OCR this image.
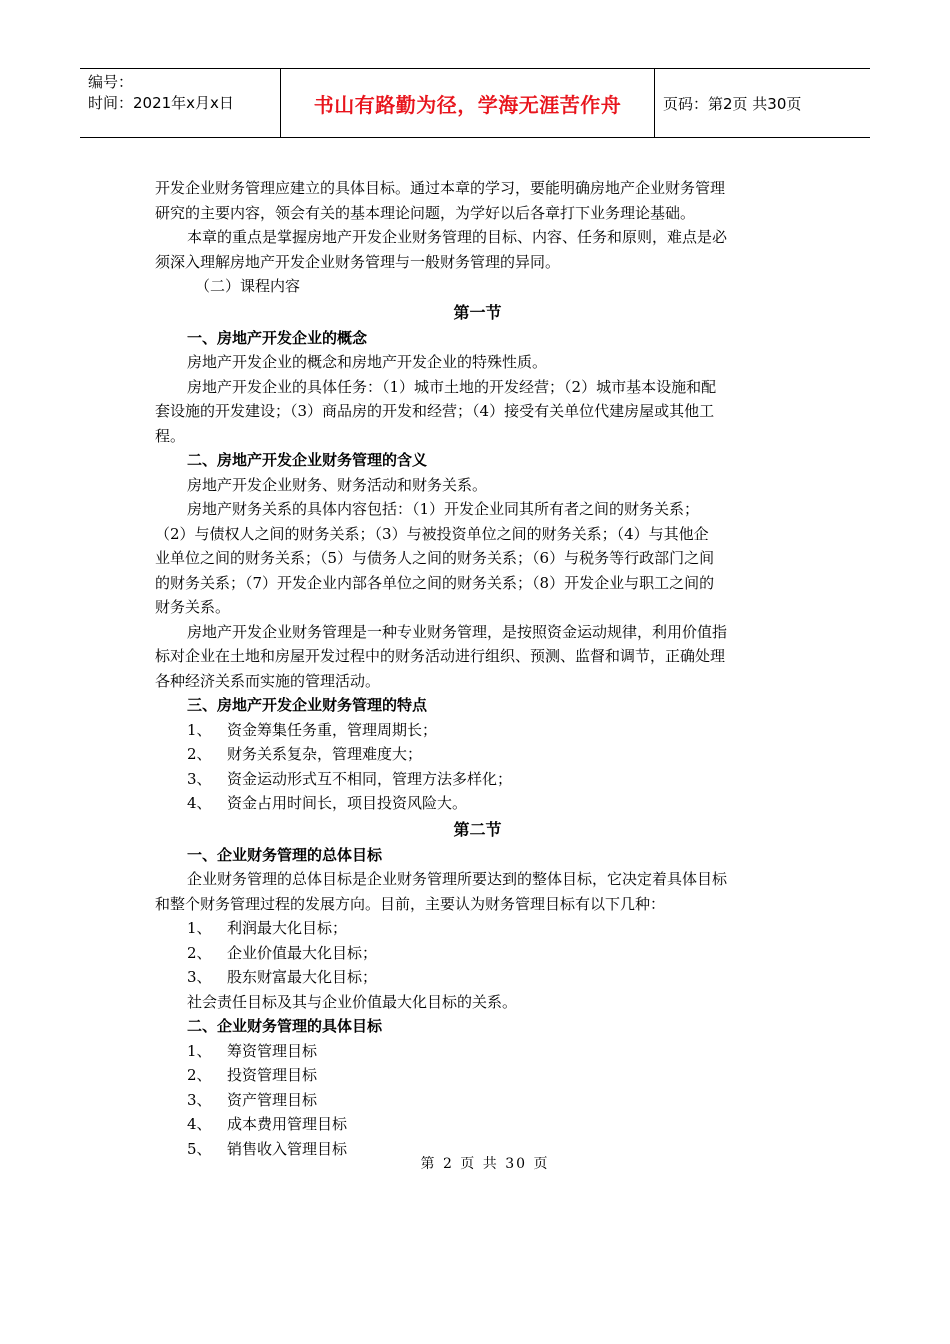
编号：
时间：2021年x月x日	书山有路勤为径，学海无涯苦作舟	页码：第2页 共30页

开发企业财务管理应建立的具体目标。通过本章的学习，要能明确房地产企业财务管理

研究的主要内容，领会有关的基本理论问题，为学好以后各章打下业务理论基础。

本章的重点是掌握房地产开发企业财务管理的目标、内容、任务和原则，难点是必

须深入理解房地产开发企业财务管理与一般财务管理的异同。

（二）课程内容

第一节

一、房地产开发企业的概念

房地产开发企业的概念和房地产开发企业的特殊性质。

房地产开发企业的具体任务：（1）城市土地的开发经营；（2）城市基本设施和配

套设施的开发建设；（3）商品房的开发和经营；（4）接受有关单位代建房屋或其他工

程。

二、房地产开发企业财务管理的含义

房地产开发企业财务、财务活动和财务关系。

房地产财务关系的具体内容包括：（1）开发企业同其所有者之间的财务关系；

（2）与债权人之间的财务关系；（3）与被投资单位之间的财务关系；（4）与其他企

业单位之间的财务关系；（5）与债务人之间的财务关系；（6）与税务等行政部门之间

的财务关系；（7）开发企业内部各单位之间的财务关系；（8）开发企业与职工之间的

财务关系。

房地产开发企业财务管理是一种专业财务管理，是按照资金运动规律，利用价值指

标对企业在土地和房屋开发过程中的财务活动进行组织、预测、监督和调节，正确处理

各种经济关系而实施的管理活动。

三、房地产开发企业财务管理的特点

1、	资金筹集任务重，管理周期长；
2、	财务关系复杂，管理难度大；
3、	资金运动形式互不相同，管理方法多样化；
4、	资金占用时间长，项目投资风险大。

第二节

一、企业财务管理的总体目标

企业财务管理的总体目标是企业财务管理所要达到的整体目标，它决定着具体目标

和整个财务管理过程的发展方向。目前，主要认为财务管理目标有以下几种：

1、	利润最大化目标；
2、	企业价值最大化目标；
3、	股东财富最大化目标；

社会责任目标及其与企业价值最大化目标的关系。

二、企业财务管理的具体目标

1、	筹资管理目标
2、	投资管理目标
3、	资产管理目标
4、	成本费用管理目标
5、	销售收入管理目标
第 2 页 共 30 页
